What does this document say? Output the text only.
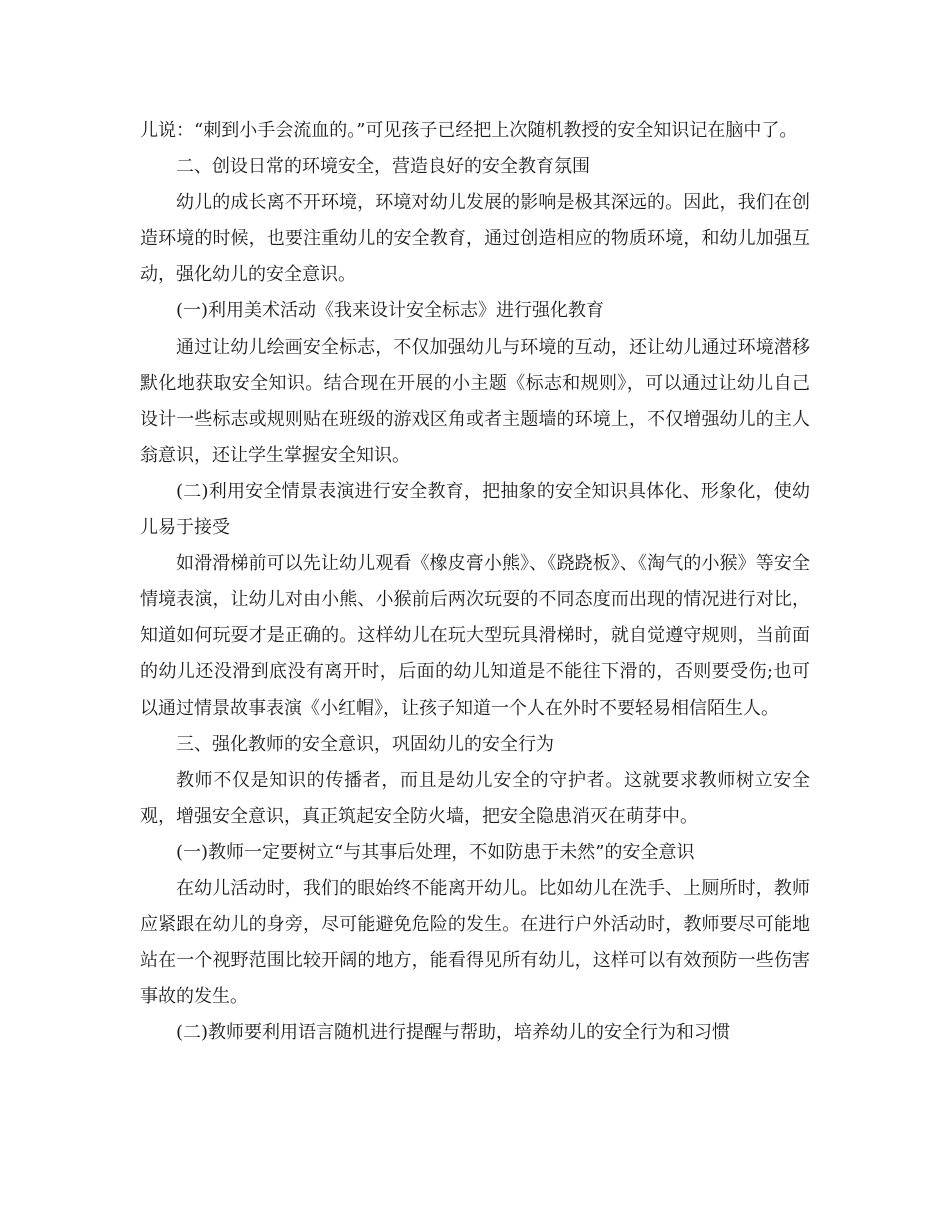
儿说：“刺到小手会流血的。”可见孩子已经把上次随机教授的安全知识记在脑中了。

二、创设日常的环境安全，营造良好的安全教育氛围

幼儿的成长离不开环境，环境对幼儿发展的影响是极其深远的。因此，我们在创造环境的时候，也要注重幼儿的安全教育，通过创造相应的物质环境，和幼儿加强互动，强化幼儿的安全意识。

(一)利用美术活动《我来设计安全标志》进行强化教育

通过让幼儿绘画安全标志，不仅加强幼儿与环境的互动，还让幼儿通过环境潜移默化地获取安全知识。结合现在开展的小主题《标志和规则》，可以通过让幼儿自己设计一些标志或规则贴在班级的游戏区角或者主题墙的环境上，不仅增强幼儿的主人翁意识，还让学生掌握安全知识。

(二)利用安全情景表演进行安全教育，把抽象的安全知识具体化、形象化，使幼儿易于接受

如滑滑梯前可以先让幼儿观看《橡皮膏小熊》、《跷跷板》、《淘气的小猴》等安全情境表演，让幼儿对由小熊、小猴前后两次玩耍的不同态度而出现的情况进行对比，知道如何玩耍才是正确的。这样幼儿在玩大型玩具滑梯时，就自觉遵守规则，当前面的幼儿还没滑到底没有离开时，后面的幼儿知道是不能往下滑的，否则要受伤;也可以通过情景故事表演《小红帽》，让孩子知道一个人在外时不要轻易相信陌生人。

三、强化教师的安全意识，巩固幼儿的安全行为

教师不仅是知识的传播者，而且是幼儿安全的守护者。这就要求教师树立安全观，增强安全意识，真正筑起安全防火墙，把安全隐患消灭在萌芽中。

(一)教师一定要树立“与其事后处理，不如防患于未然”的安全意识

在幼儿活动时，我们的眼始终不能离开幼儿。比如幼儿在洗手、上厕所时，教师应紧跟在幼儿的身旁，尽可能避免危险的发生。在进行户外活动时，教师要尽可能地站在一个视野范围比较开阔的地方，能看得见所有幼儿，这样可以有效预防一些伤害事故的发生。

(二)教师要利用语言随机进行提醒与帮助，培养幼儿的安全行为和习惯
